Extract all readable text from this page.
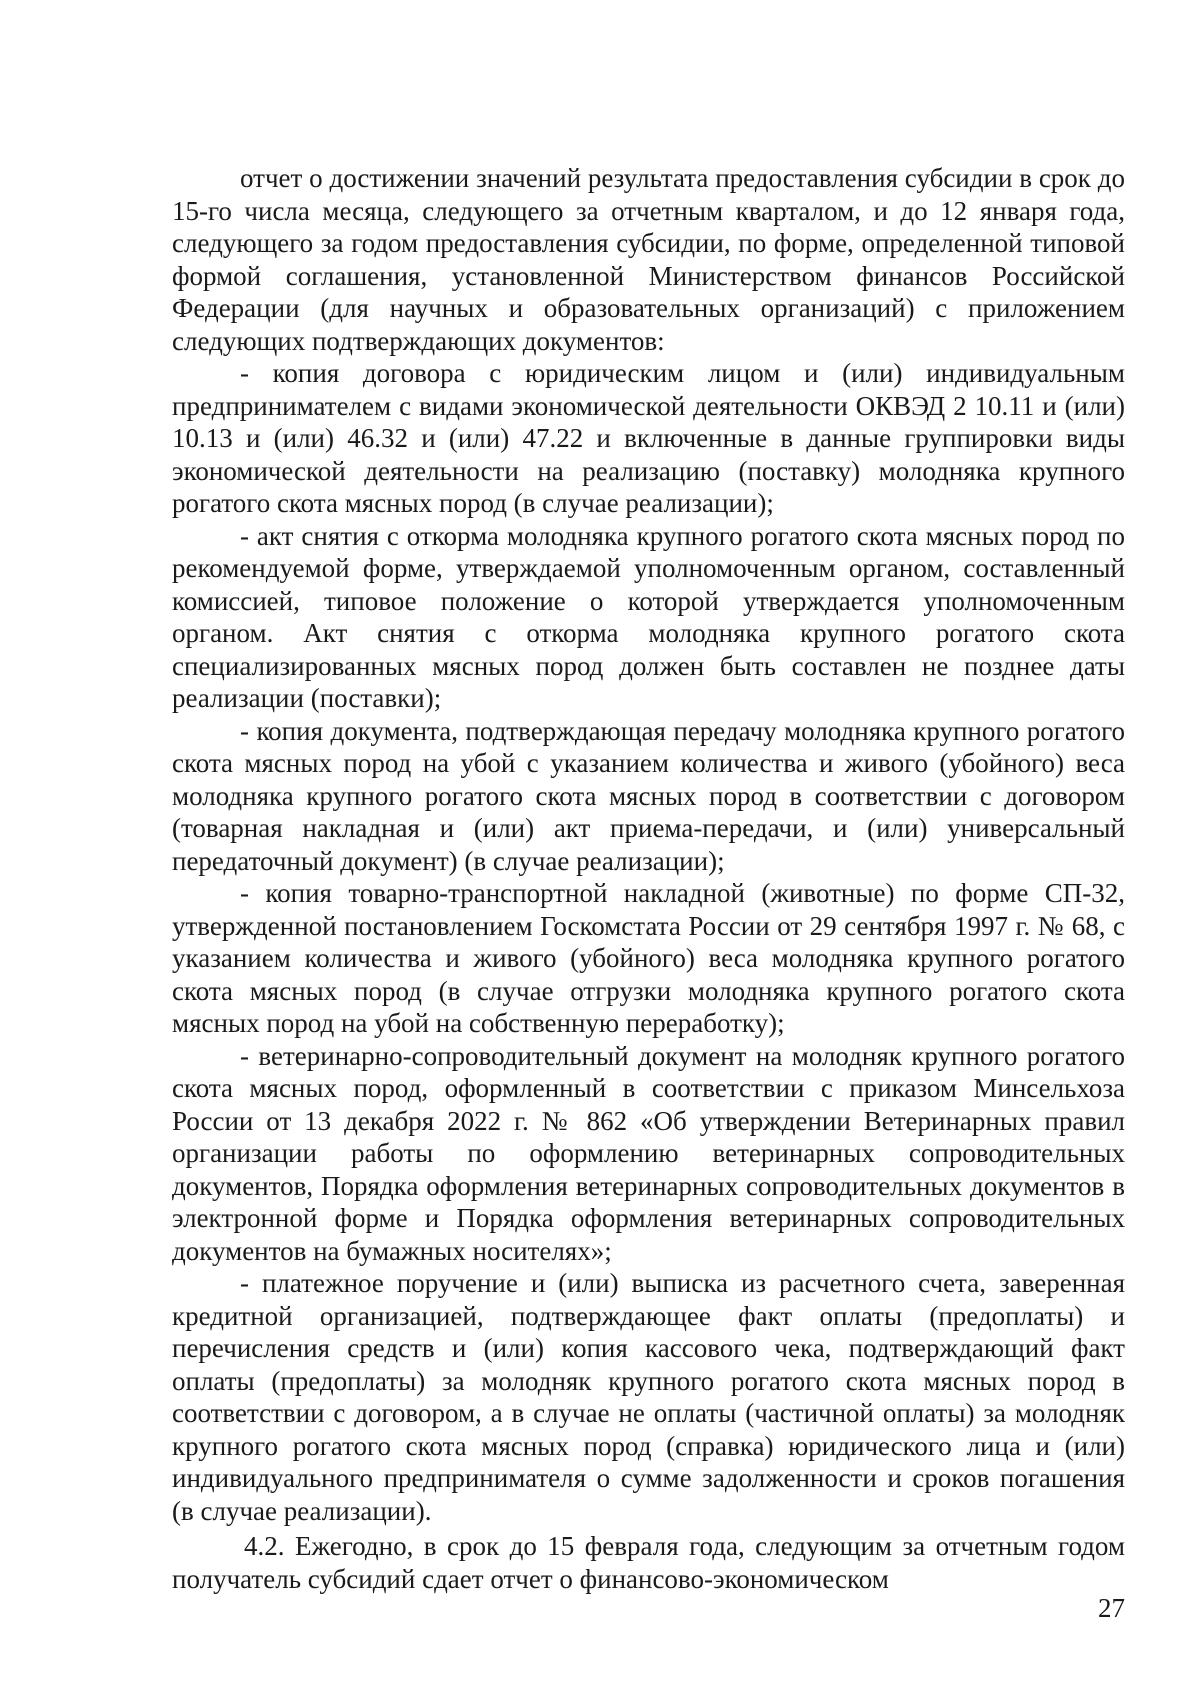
отчет о достижении значений результата предоставления субсидии в срок до 15-го числа месяца, следующего за отчетным кварталом, и до 12 января года, следующего за годом предоставления субсидии, по форме, определенной типовой формой соглашения, установленной Министерством финансов Российской Федерации (для научных и образовательных организаций) с приложением следующих подтверждающих документов:

- копия договора с юридическим лицом и (или) индивидуальным предпринимателем с видами экономической деятельности ОКВЭД 2 10.11 и (или) 10.13 и (или) 46.32 и (или) 47.22 и включенные в данные группировки виды экономической деятельности на реализацию (поставку) молодняка крупного рогатого скота мясных пород (в случае реализации);

- акт снятия с откорма молодняка крупного рогатого скота мясных пород по рекомендуемой форме, утверждаемой уполномоченным органом, составленный комиссией, типовое положение о которой утверждается уполномоченным органом. Акт снятия с откорма молодняка крупного рогатого скота специализированных мясных пород должен быть составлен не позднее даты реализации (поставки);

- копия документа, подтверждающая передачу молодняка крупного рогатого скота мясных пород на убой с указанием количества и живого (убойного) веса молодняка крупного рогатого скота мясных пород в соответствии с договором (товарная накладная и (или) акт приема-передачи, и (или) универсальный передаточный документ) (в случае реализации);

- копия товарно-транспортной накладной (животные) по форме СП-32, утвержденной постановлением Госкомстата России от 29 сентября 1997 г. № 68, с указанием количества и живого (убойного) веса молодняка крупного рогатого скота мясных пород (в случае отгрузки молодняка крупного рогатого скота мясных пород на убой на собственную переработку);

- ветеринарно-сопроводительный документ на молодняк крупного рогатого скота мясных пород, оформленный в соответствии с приказом Минсельхоза России от 13 декабря 2022 г. № 862 «Об утверждении Ветеринарных правил организации работы по оформлению ветеринарных сопроводительных документов, Порядка оформления ветеринарных сопроводительных документов в электронной форме и Порядка оформления ветеринарных сопроводительных документов на бумажных носителях»;

- платежное поручение и (или) выписка из расчетного счета, заверенная кредитной организацией, подтверждающее факт оплаты (предоплаты) и перечисления средств и (или) копия кассового чека, подтверждающий факт оплаты (предоплаты) за молодняк крупного рогатого скота мясных пород в соответствии с договором, а в случае не оплаты (частичной оплаты) за молодняк крупного рогатого скота мясных пород (справка) юридического лица и (или) индивидуального предпринимателя о сумме задолженности и сроков погашения (в случае реализации).

4.2. Ежегодно, в срок до 15 февраля года, следующим за отчетным годом получатель субсидий сдает отчет о финансово-экономическом

27
